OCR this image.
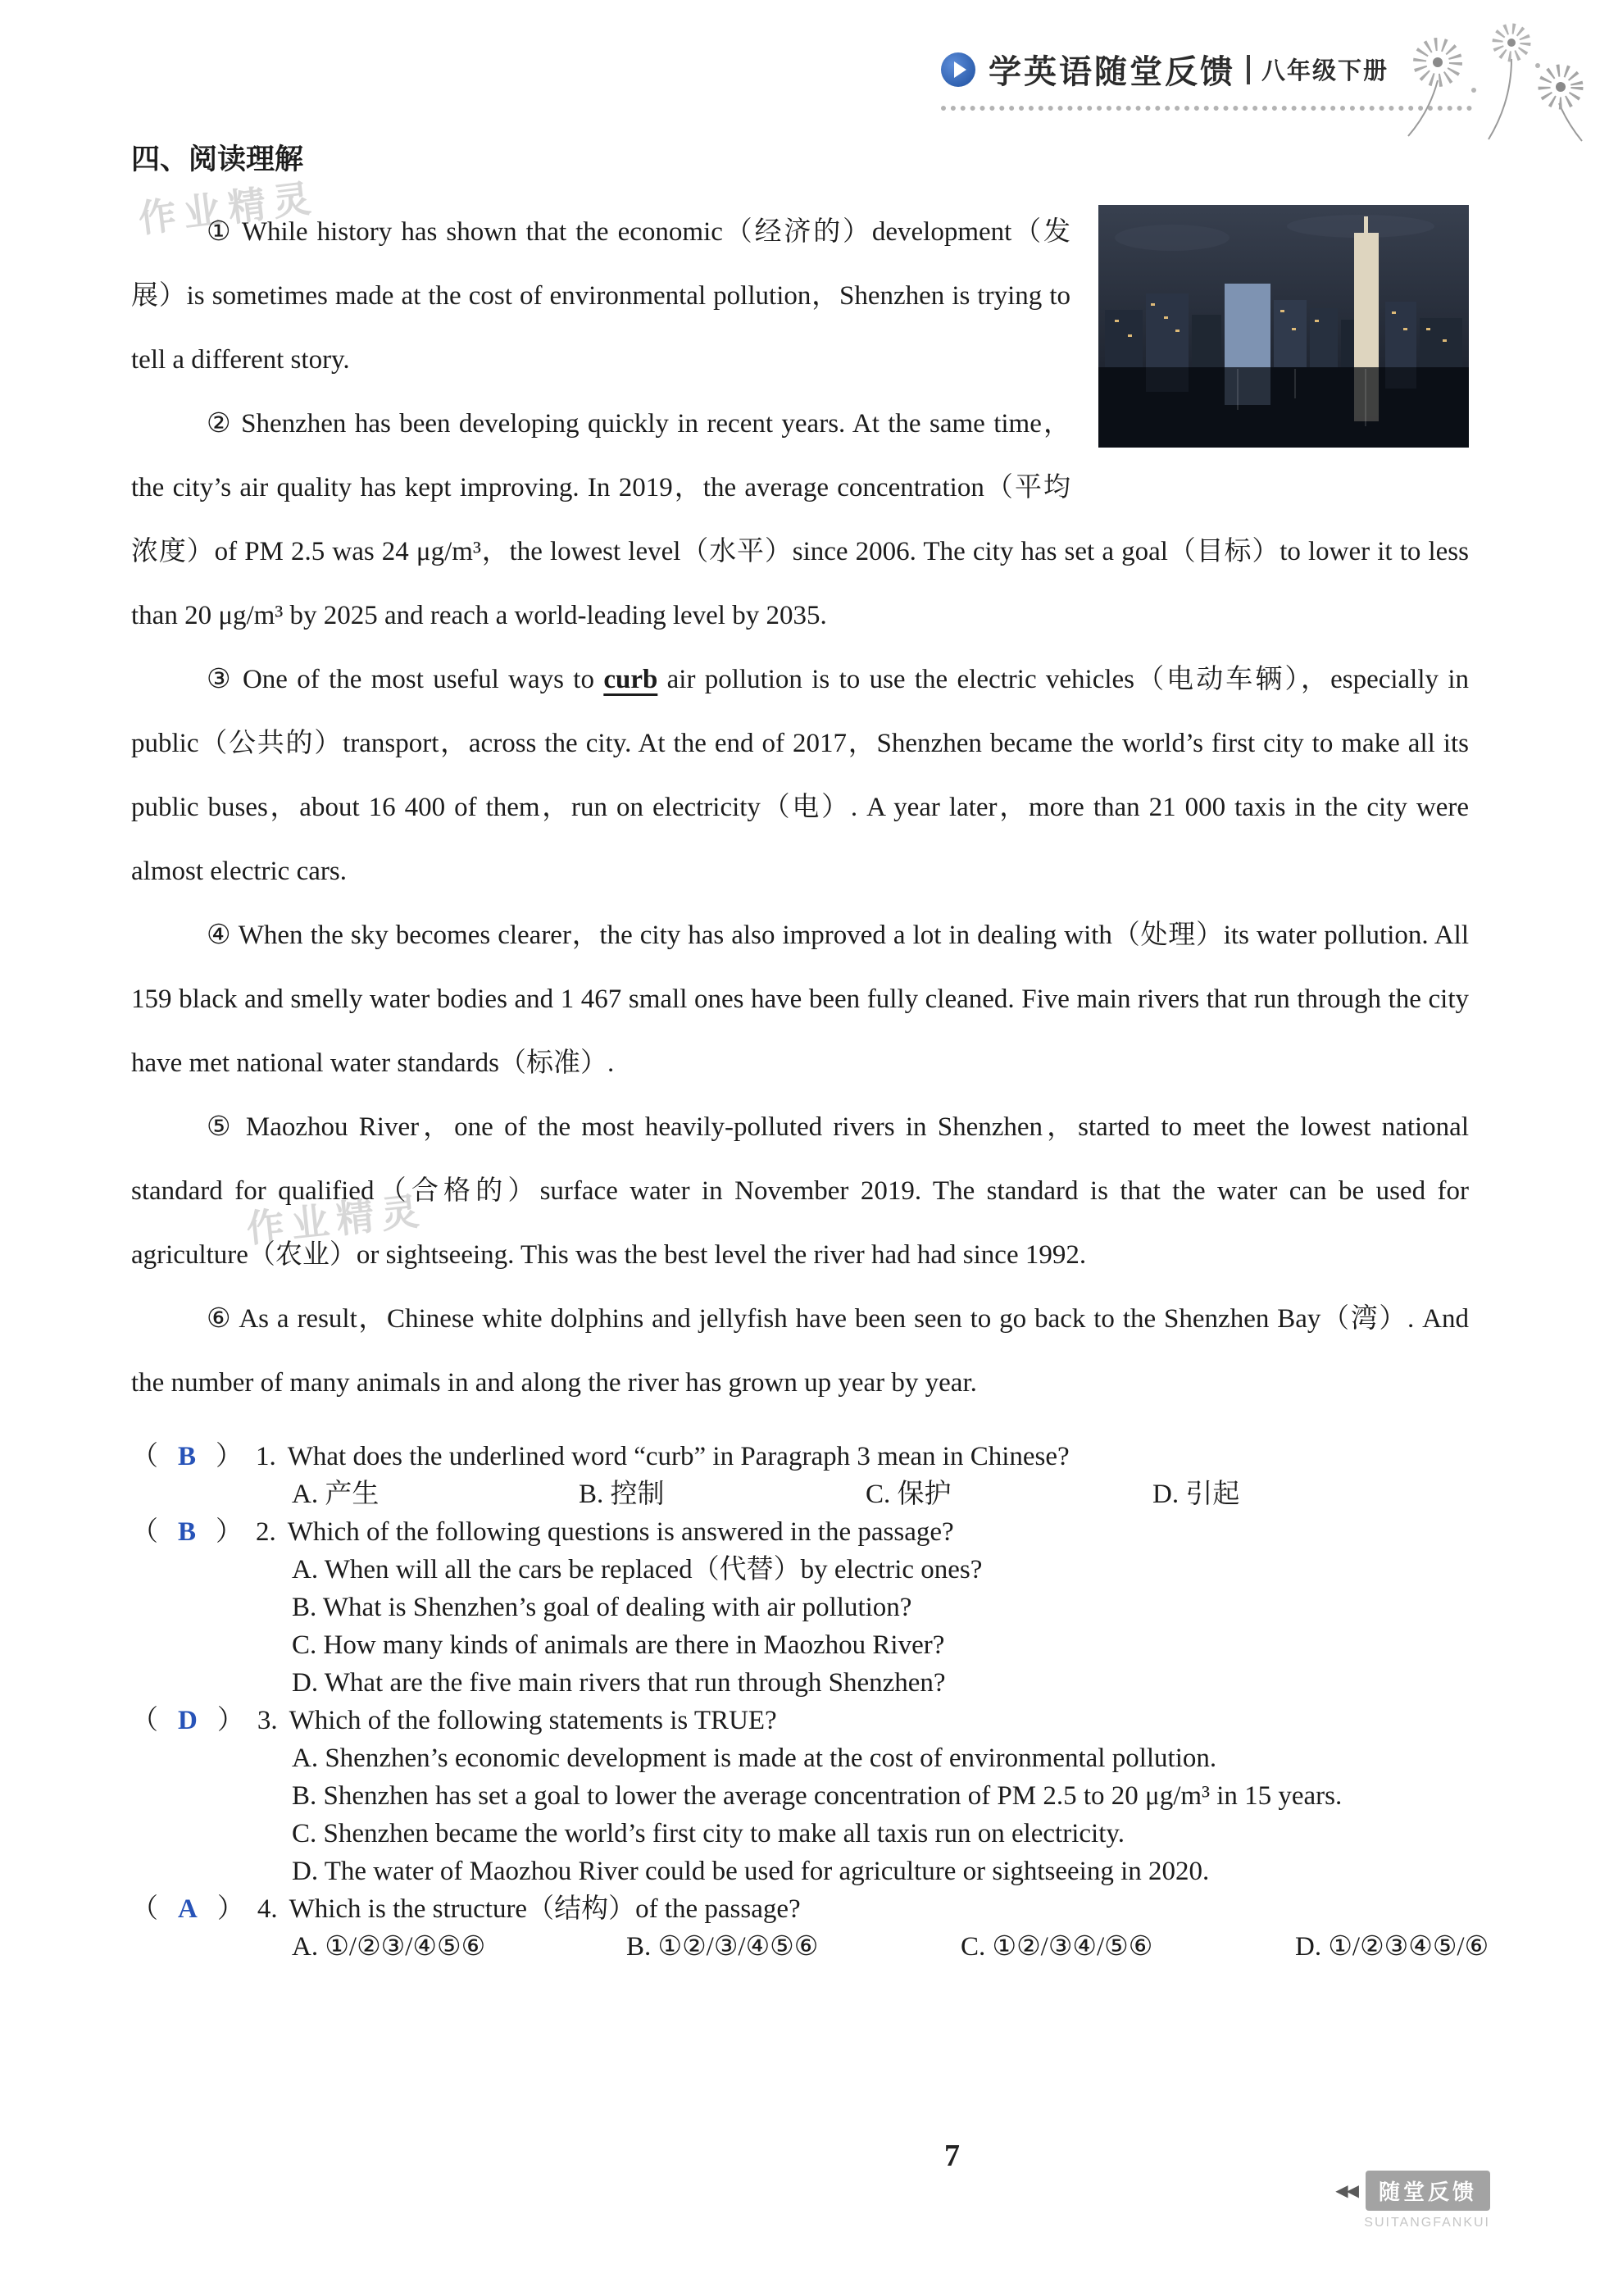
学英语随堂反馈 八年级下册
作业精灵
作业精灵
四、阅读理解

① While history has shown that the economic（经济的）development（发展）is sometimes made at the cost of environmental pollution，Shenzhen is trying to tell a different story.

② Shenzhen has been developing quickly in recent years. At the same time，the city’s air quality has kept improving. In 2019，the average concentration（平均浓度）of PM 2.5 was 24 μg/m³，the lowest level（水平）since 2006. The city has set a goal（目标）to lower it to less than 20 μg/m³ by 2025 and reach a world-leading level by 2035.

③ One of the most useful ways to curb air pollution is to use the electric vehicles（电动车辆），especially in public（公共的）transport，across the city. At the end of 2017，Shenzhen became the world’s first city to make all its public buses，about 16 400 of them，run on electricity（电）. A year later，more than 21 000 taxis in the city were almost electric cars.

④ When the sky becomes clearer，the city has also improved a lot in dealing with（处理）its water pollution. All 159 black and smelly water bodies and 1 467 small ones have been fully cleaned. Five main rivers that run through the city have met national water standards（标准）.

⑤ Maozhou River，one of the most heavily-polluted rivers in Shenzhen，started to meet the lowest national standard for qualified（合格的）surface water in November 2019. The standard is that the water can be used for agriculture（农业）or sightseeing. This was the best level the river had had since 1992.

⑥ As a result，Chinese white dolphins and jellyfish have been seen to go back to the Shenzhen Bay（湾）. And the number of many animals in and along the river has grown up year by year.

（ B ） 1. What does the underlined word “curb” in Paragraph 3 mean in Chinese?

A. 产生	B. 控制	C. 保护	D. 引起

（ B ） 2. Which of the following questions is answered in the passage?

A. When will all the cars be replaced（代替）by electric ones?
B. What is Shenzhen’s goal of dealing with air pollution?
C. How many kinds of animals are there in Maozhou River?
D. What are the five main rivers that run through Shenzhen?

（ D ） 3. Which of the following statements is TRUE?

A. Shenzhen’s economic development is made at the cost of environmental pollution.
B. Shenzhen has set a goal to lower the average concentration of PM 2.5 to 20 μg/m³ in 15 years.
C. Shenzhen became the world’s first city to make all taxis run on electricity.
D. The water of Maozhou River could be used for agriculture or sightseeing in 2020.

（ A ） 4. Which is the structure（结构）of the passage?

A. ①/②③/④⑤⑥	B. ①②/③/④⑤⑥	C. ①②/③④/⑤⑥	D. ①/②③④⑤/⑥
7
◀◀	随堂反馈
SUITANGFANKUI
